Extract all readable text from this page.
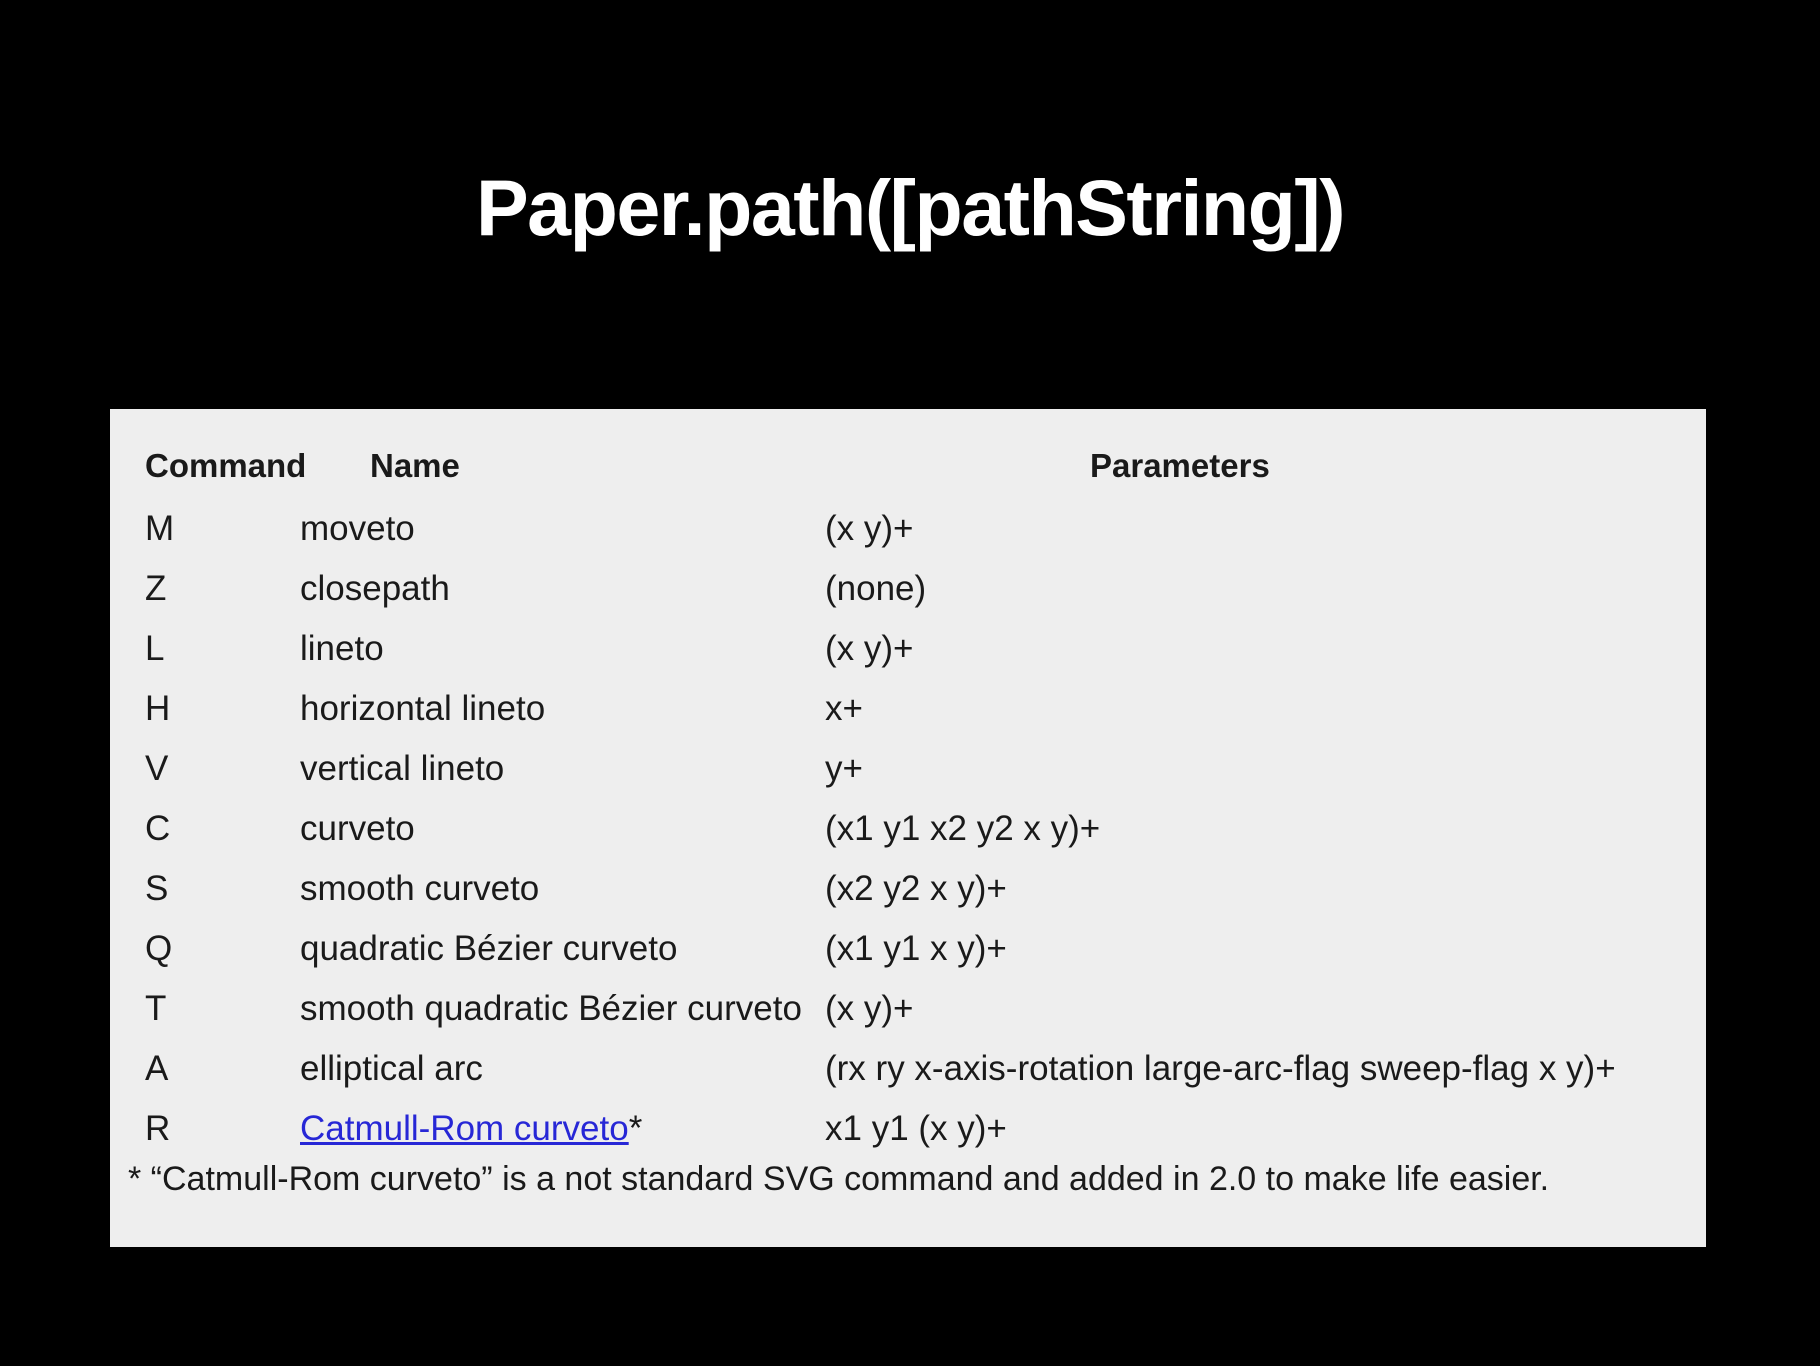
Paper.path([pathString])
Command	Name	Parameters
M	moveto	(x y)+
Z	closepath	(none)
L	lineto	(x y)+
H	horizontal lineto	x+
V	vertical lineto	y+
C	curveto	(x1 y1 x2 y2 x y)+
S	smooth curveto	(x2 y2 x y)+
Q	quadratic Bézier curveto	(x1 y1 x y)+
T	smooth quadratic Bézier curveto	(x y)+
A	elliptical arc	(rx ry x-axis-rotation large-arc-flag sweep-flag x y)+
R	Catmull-Rom curveto*	x1 y1 (x y)+
* “Catmull-Rom curveto” is a not standard SVG command and added in 2.0 to make life easier.
